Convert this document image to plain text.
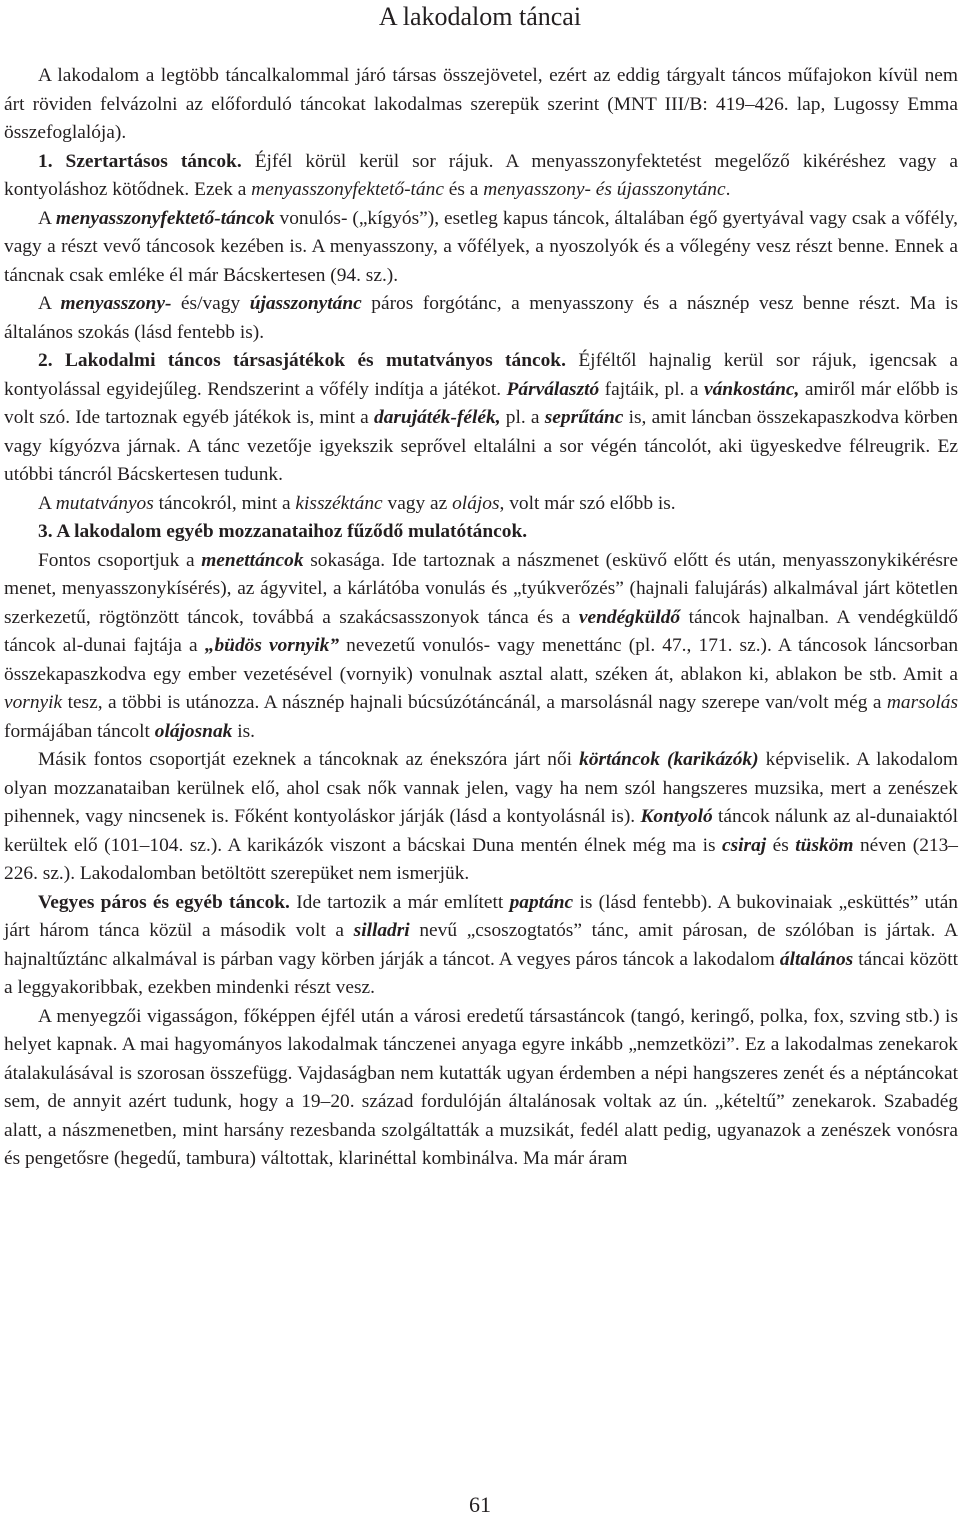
A lakodalom táncai

A lakodalom a legtöbb táncalkalommal járó társas összejövetel, ezért az eddig tárgyalt táncos műfajokon kívül nem árt röviden felvázolni az előforduló táncokat lakodalmas szerepük szerint (MNT III/B: 419–426. lap, Lugossy Emma összefoglalója).

1. Szertartásos táncok. Éjfél körül kerül sor rájuk. A menyasszonyfektetést megelőző kikéréshez vagy a kontyoláshoz kötődnek. Ezek a menyasszonyfektető-tánc és a menyasszony- és újasszonytánc.

A menyasszonyfektető-táncok vonulós- („kígyós”), esetleg kapus táncok, általában égő gyertyával vagy csak a vőfély, vagy a részt vevő táncosok kezében is. A menyasszony, a vőfélyek, a nyoszolyók és a vőlegény vesz részt benne. Ennek a táncnak csak emléke él már Bácskertesen (94. sz.).

A menyasszony- és/vagy újasszonytánc páros forgótánc, a menyasszony és a násznép vesz benne részt. Ma is általános szokás (lásd fentebb is).

2. Lakodalmi táncos társasjátékok és mutatványos táncok. Éjféltől hajnalig kerül sor rájuk, igencsak a kontyolással egyidejűleg. Rendszerint a vőfély indítja a játékot. Párválasztó fajtáik, pl. a vánkostánc, amiről már előbb is volt szó. Ide tartoznak egyéb játékok is, mint a darujáték-félék, pl. a seprűtánc is, amit láncban összekapaszkodva körben vagy kígyózva járnak. A tánc vezetője igyekszik seprővel eltalálni a sor végén táncolót, aki ügyeskedve félreugrik. Ez utóbbi táncról Bácskertesen tudunk.

A mutatványos táncokról, mint a kisszéktánc vagy az olájos, volt már szó előbb is.

3. A lakodalom egyéb mozzanataihoz fűződő mulatótáncok.

Fontos csoportjuk a menettáncok sokasága. Ide tartoznak a nászmenet (esküvő előtt és után, menyasszonykikérésre menet, menyasszonykísérés), az ágyvitel, a kárlátóba vonulás és „tyúkverőzés” (hajnali falujárás) alkalmával járt kötetlen szerkezetű, rögtönzött táncok, továbbá a szakácsasszonyok tánca és a vendégküldő táncok hajnalban. A vendégküldő táncok al-dunai fajtája a „büdös vornyik” nevezetű vonulós- vagy menettánc (pl. 47., 171. sz.). A táncosok láncsorban összekapaszkodva egy ember vezetésével (vornyik) vonulnak asztal alatt, széken át, ablakon ki, ablakon be stb. Amit a vornyik tesz, a többi is utánozza. A násznép hajnali búcsúzótáncánál, a marsolásnál nagy szerepe van/volt még a marsolás formájában táncolt olájosnak is.

Másik fontos csoportját ezeknek a táncoknak az énekszóra járt női körtáncok (karikázók) képviselik. A lakodalom olyan mozzanataiban kerülnek elő, ahol csak nők vannak jelen, vagy ha nem szól hangszeres muzsika, mert a zenészek pihennek, vagy nincsenek is. Főként kontyoláskor járják (lásd a kontyolásnál is). Kontyoló táncok nálunk az al-dunaiaktól kerültek elő (101–104. sz.). A karikázók viszont a bácskai Duna mentén élnek még ma is csiraj és tüsköm néven (213–226. sz.). Lakodalomban betöltött szerepüket nem ismerjük.

Vegyes páros és egyéb táncok. Ide tartozik a már említett paptánc is (lásd fentebb). A bukovinaiak „esküttés” után járt három tánca közül a második volt a silladri nevű „csoszogtatós” tánc, amit párosan, de szólóban is jártak. A hajnaltűztánc alkalmával is párban vagy körben járják a táncot. A vegyes páros táncok a lakodalom általános táncai között a leggyakoribbak, ezekben mindenki részt vesz.

A menyegzői vigasságon, főképpen éjfél után a városi eredetű társastáncok (tangó, keringő, polka, fox, szving stb.) is helyet kapnak. A mai hagyományos lakodalmak tánczenei anyaga egyre inkább „nemzetközi”. Ez a lakodalmas zenekarok átalakulásával is szorosan összefügg. Vajdaságban nem kutatták ugyan érdemben a népi hangszeres zenét és a néptáncokat sem, de annyit azért tudunk, hogy a 19–20. század fordulóján általánosak voltak az ún. „kételtű” zenekarok. Szabadég alatt, a nászmenetben, mint harsány rezesbanda szolgáltatták a muzsikát, fedél alatt pedig, ugyanazok a zenészek vonósra és pengetősre (hegedű, tambura) váltottak, klarinéttal kombinálva. Ma már áram

61
